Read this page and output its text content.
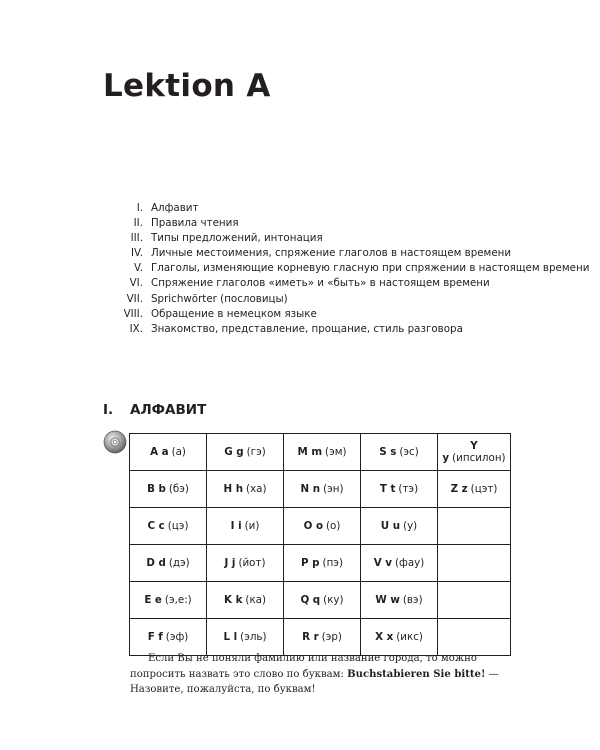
Lektion A
I. Алфавит
II. Правила чтения
III. Типы предложений, интонация
IV. Личные местоимения, спряжение глаголов в настоящем времени
V. Глаголы, изменяющие корневую гласную при спряжении в настоящем времени
VI. Спряжение глаголов «иметь» и «быть» в настоящем времени
VII. Sprichwörter (пословицы)
VIII. Обращение в немецком языке
IX. Знакомство, представление, прощание, стиль разговора
I. АЛФАВИТ
A a (а)	G g (гэ)	M m (эм)	S s (эс)	Y y (ипсилон)
B b (бэ)	H h (ха)	N n (эн)	T t (тэ)	Z z (цэт)
C c (цэ)	I i (и)	O o (о)	U u (у)	
D d (дэ)	J j (йот)	P p (пэ)	V v (фау)	
E e (э,е:)	K k (ка)	Q q (ку)	W w (вэ)	
F f (эф)	L l (эль)	R r (эр)	X x (икс)	

Если Вы не поняли фамилию или название города, то можно попросить назвать это слово по буквам: Buchstabieren Sie bitte! — Назовите, пожалуйста, по буквам!
